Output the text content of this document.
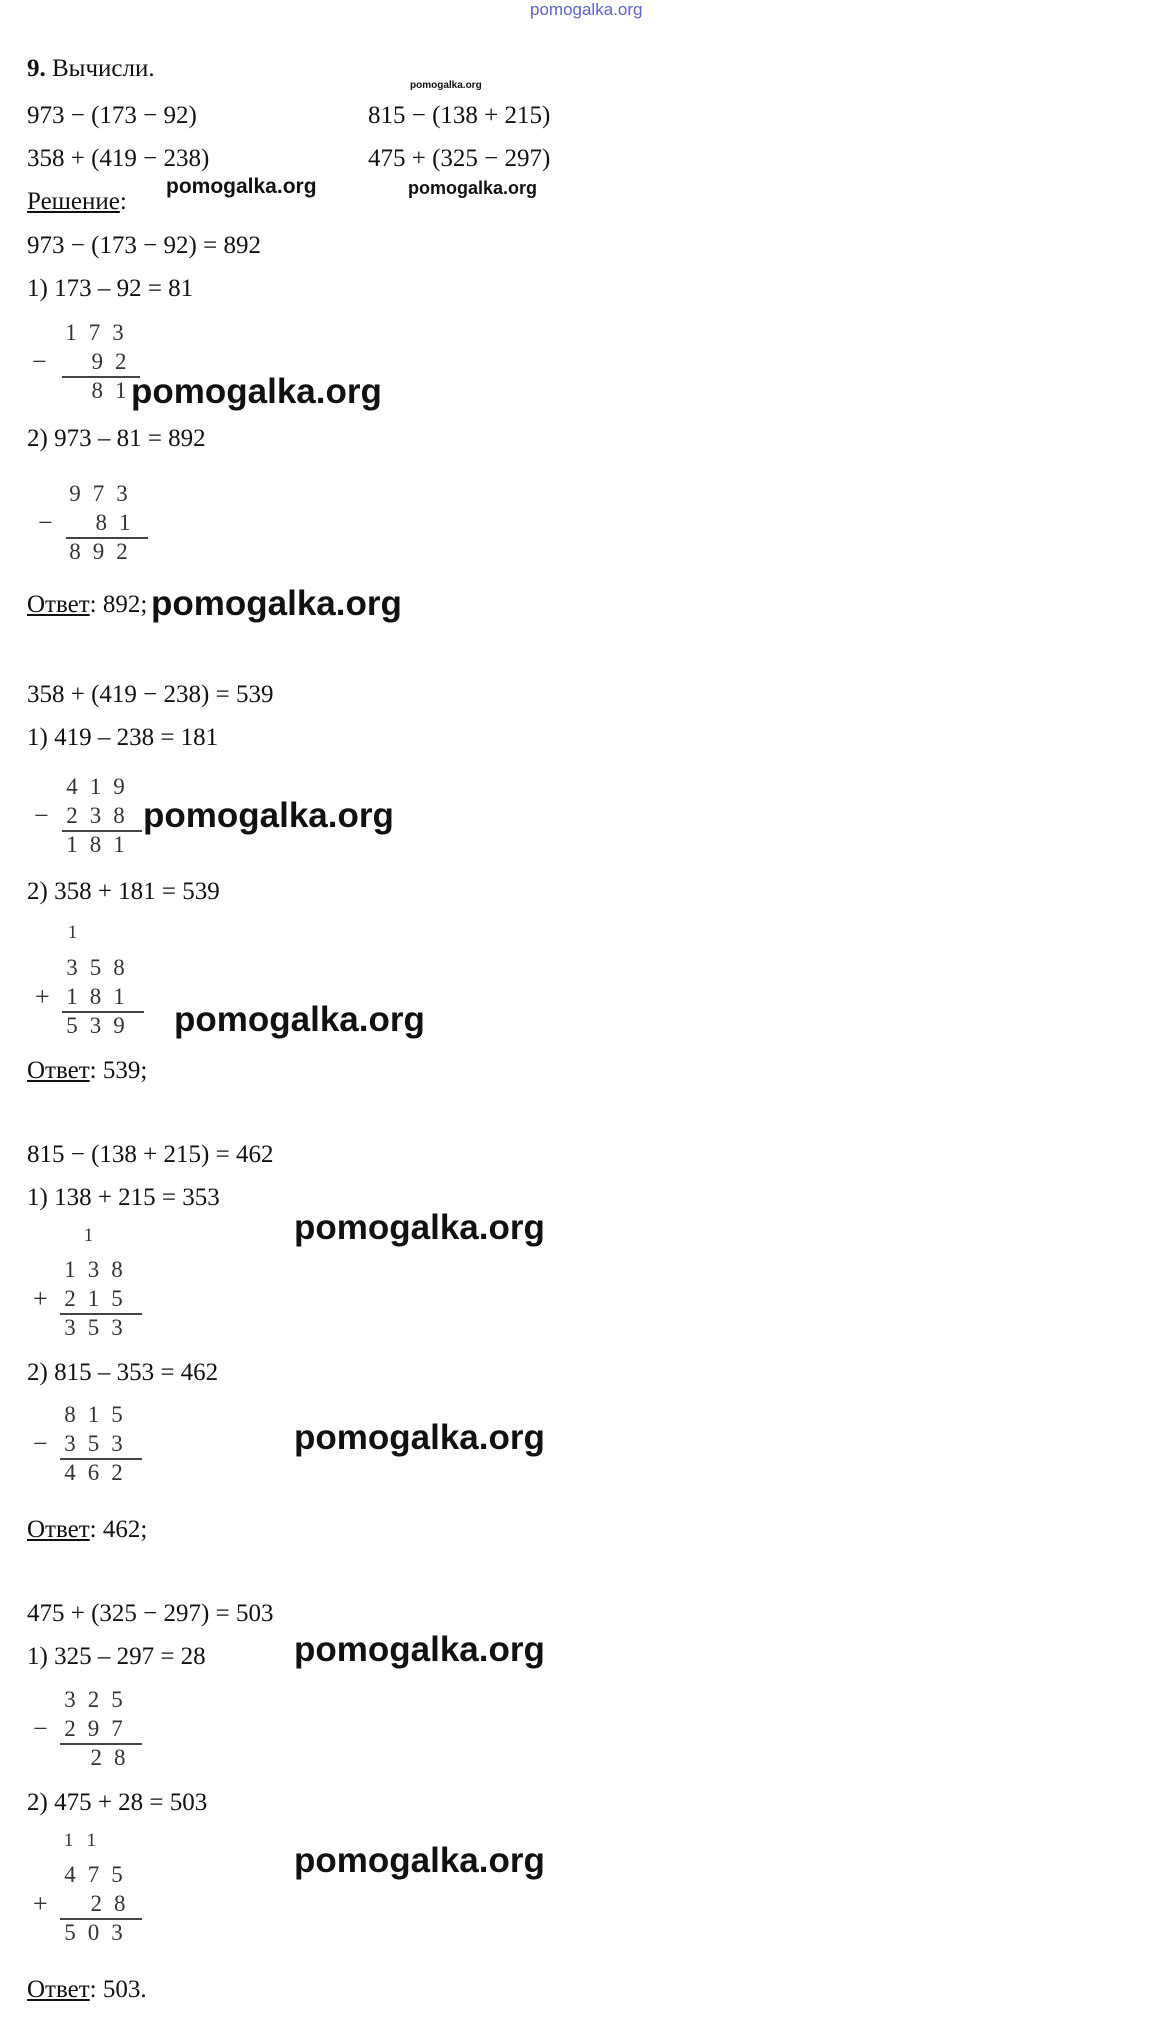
pomogalka.org
9. Вычисли.
pomogalka.org
973 − (173 − 92)	815 − (138 + 215)
358 + (419 − 238)	475 + (325 − 297)
Решение:
pomogalka.org	pomogalka.org
973 − (173 − 92) = 892
1) 173 – 92 = 81
−
173
92
81
pomogalka.org
2) 973 – 81 = 892
−
973
81
892
Ответ: 892; pomogalka.org
358 + (419 − 238) = 539
1) 419 – 238 = 181
−
419
238
181
pomogalka.org
2) 358 + 181 = 539
1
+
358
181
539 pomogalka.org
Ответ: 539;
815 − (138 + 215) = 462
1) 138 + 215 = 353
pomogalka.org
1
+
138
215
353
2) 815 – 353 = 462
−
815
353
462
pomogalka.org
Ответ: 462;
475 + (325 − 297) = 503
1) 325 – 297 = 28	pomogalka.org
−
325
297
28
2) 475 + 28 = 503
11
+
475
28
503
pomogalka.org
Ответ: 503.
